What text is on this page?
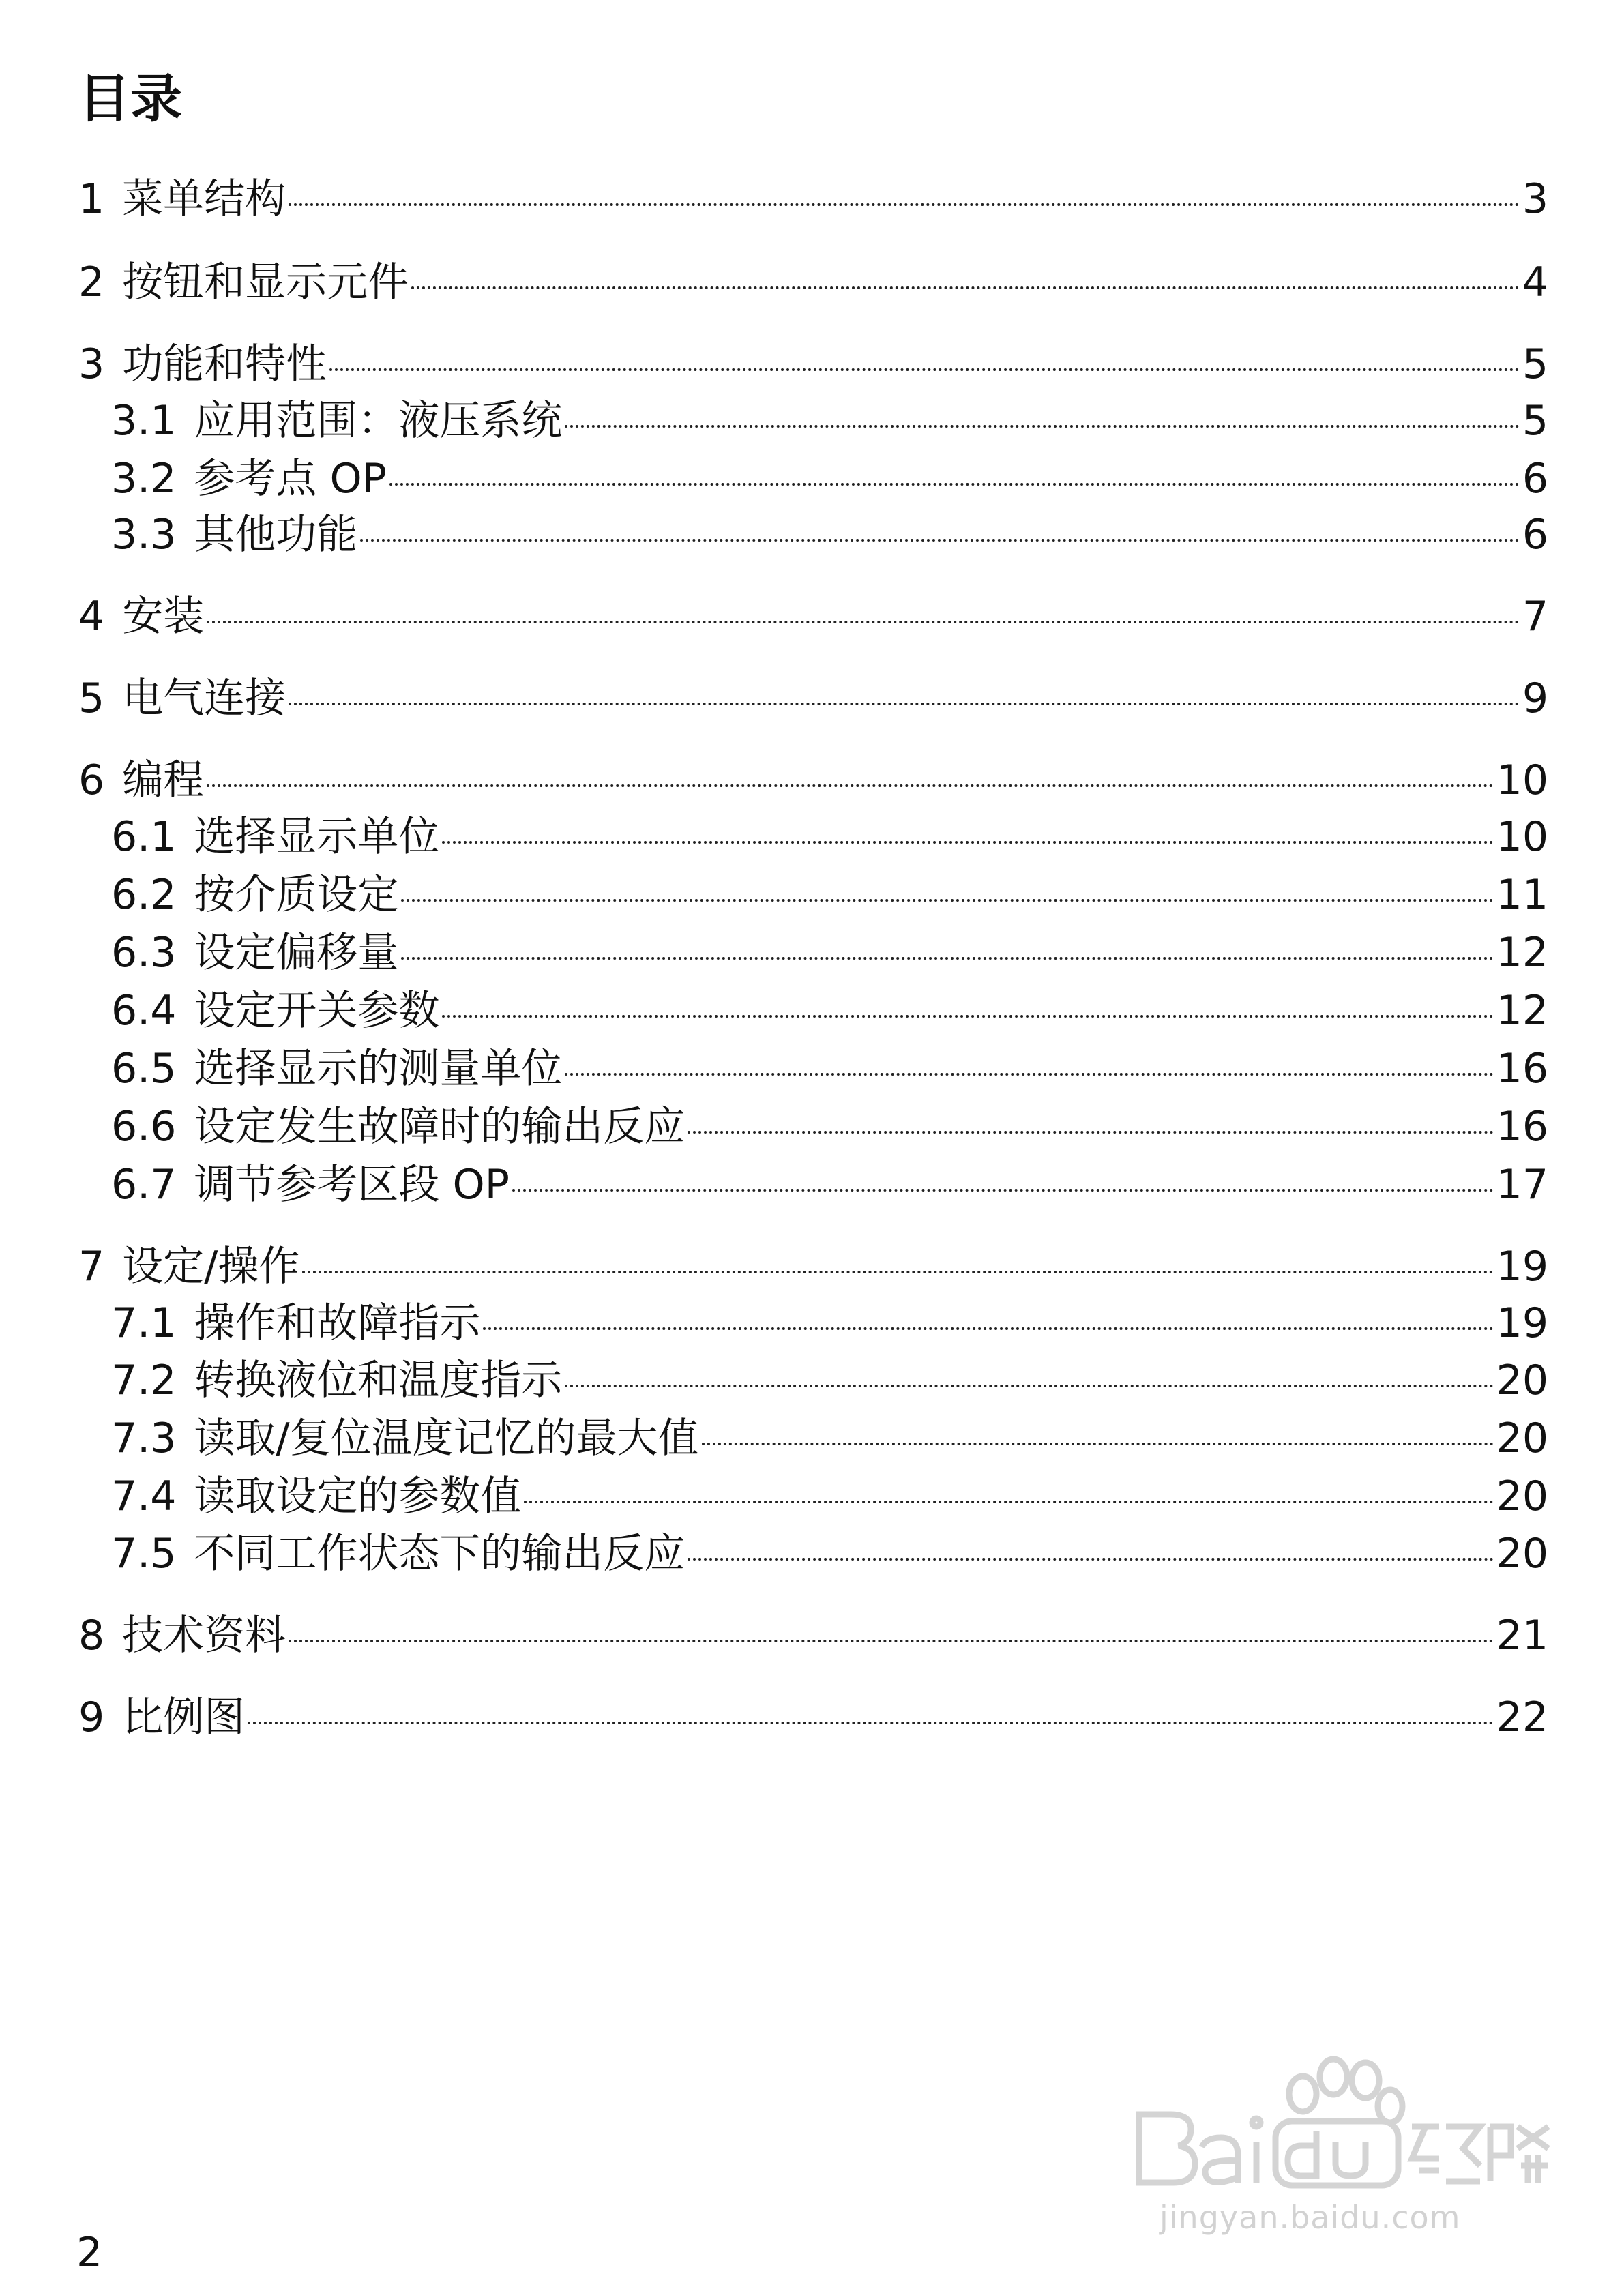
目录
1 菜单结构	3
2 按钮和显示元件	4
3 功能和特性	5
3.1 应用范围：液压系统	5
3.2 参考点 OP	6
3.3 其他功能	6
4 安装	7
5 电气连接	9
6 编程	10
6.1 选择显示单位	10
6.2 按介质设定	11
6.3 设定偏移量	12
6.4 设定开关参数	12
6.5 选择显示的测量单位	16
6.6 设定发生故障时的输出反应	16
6.7 调节参考区段 OP	17
7 设定/操作	19
7.1 操作和故障指示	19
7.2 转换液位和温度指示	20
7.3 读取/复位温度记忆的最大值	20
7.4 读取设定的参数值	20
7.5 不同工作状态下的输出反应	20
8 技术资料	21
9 比例图	22
2
jingyan.baidu.com
